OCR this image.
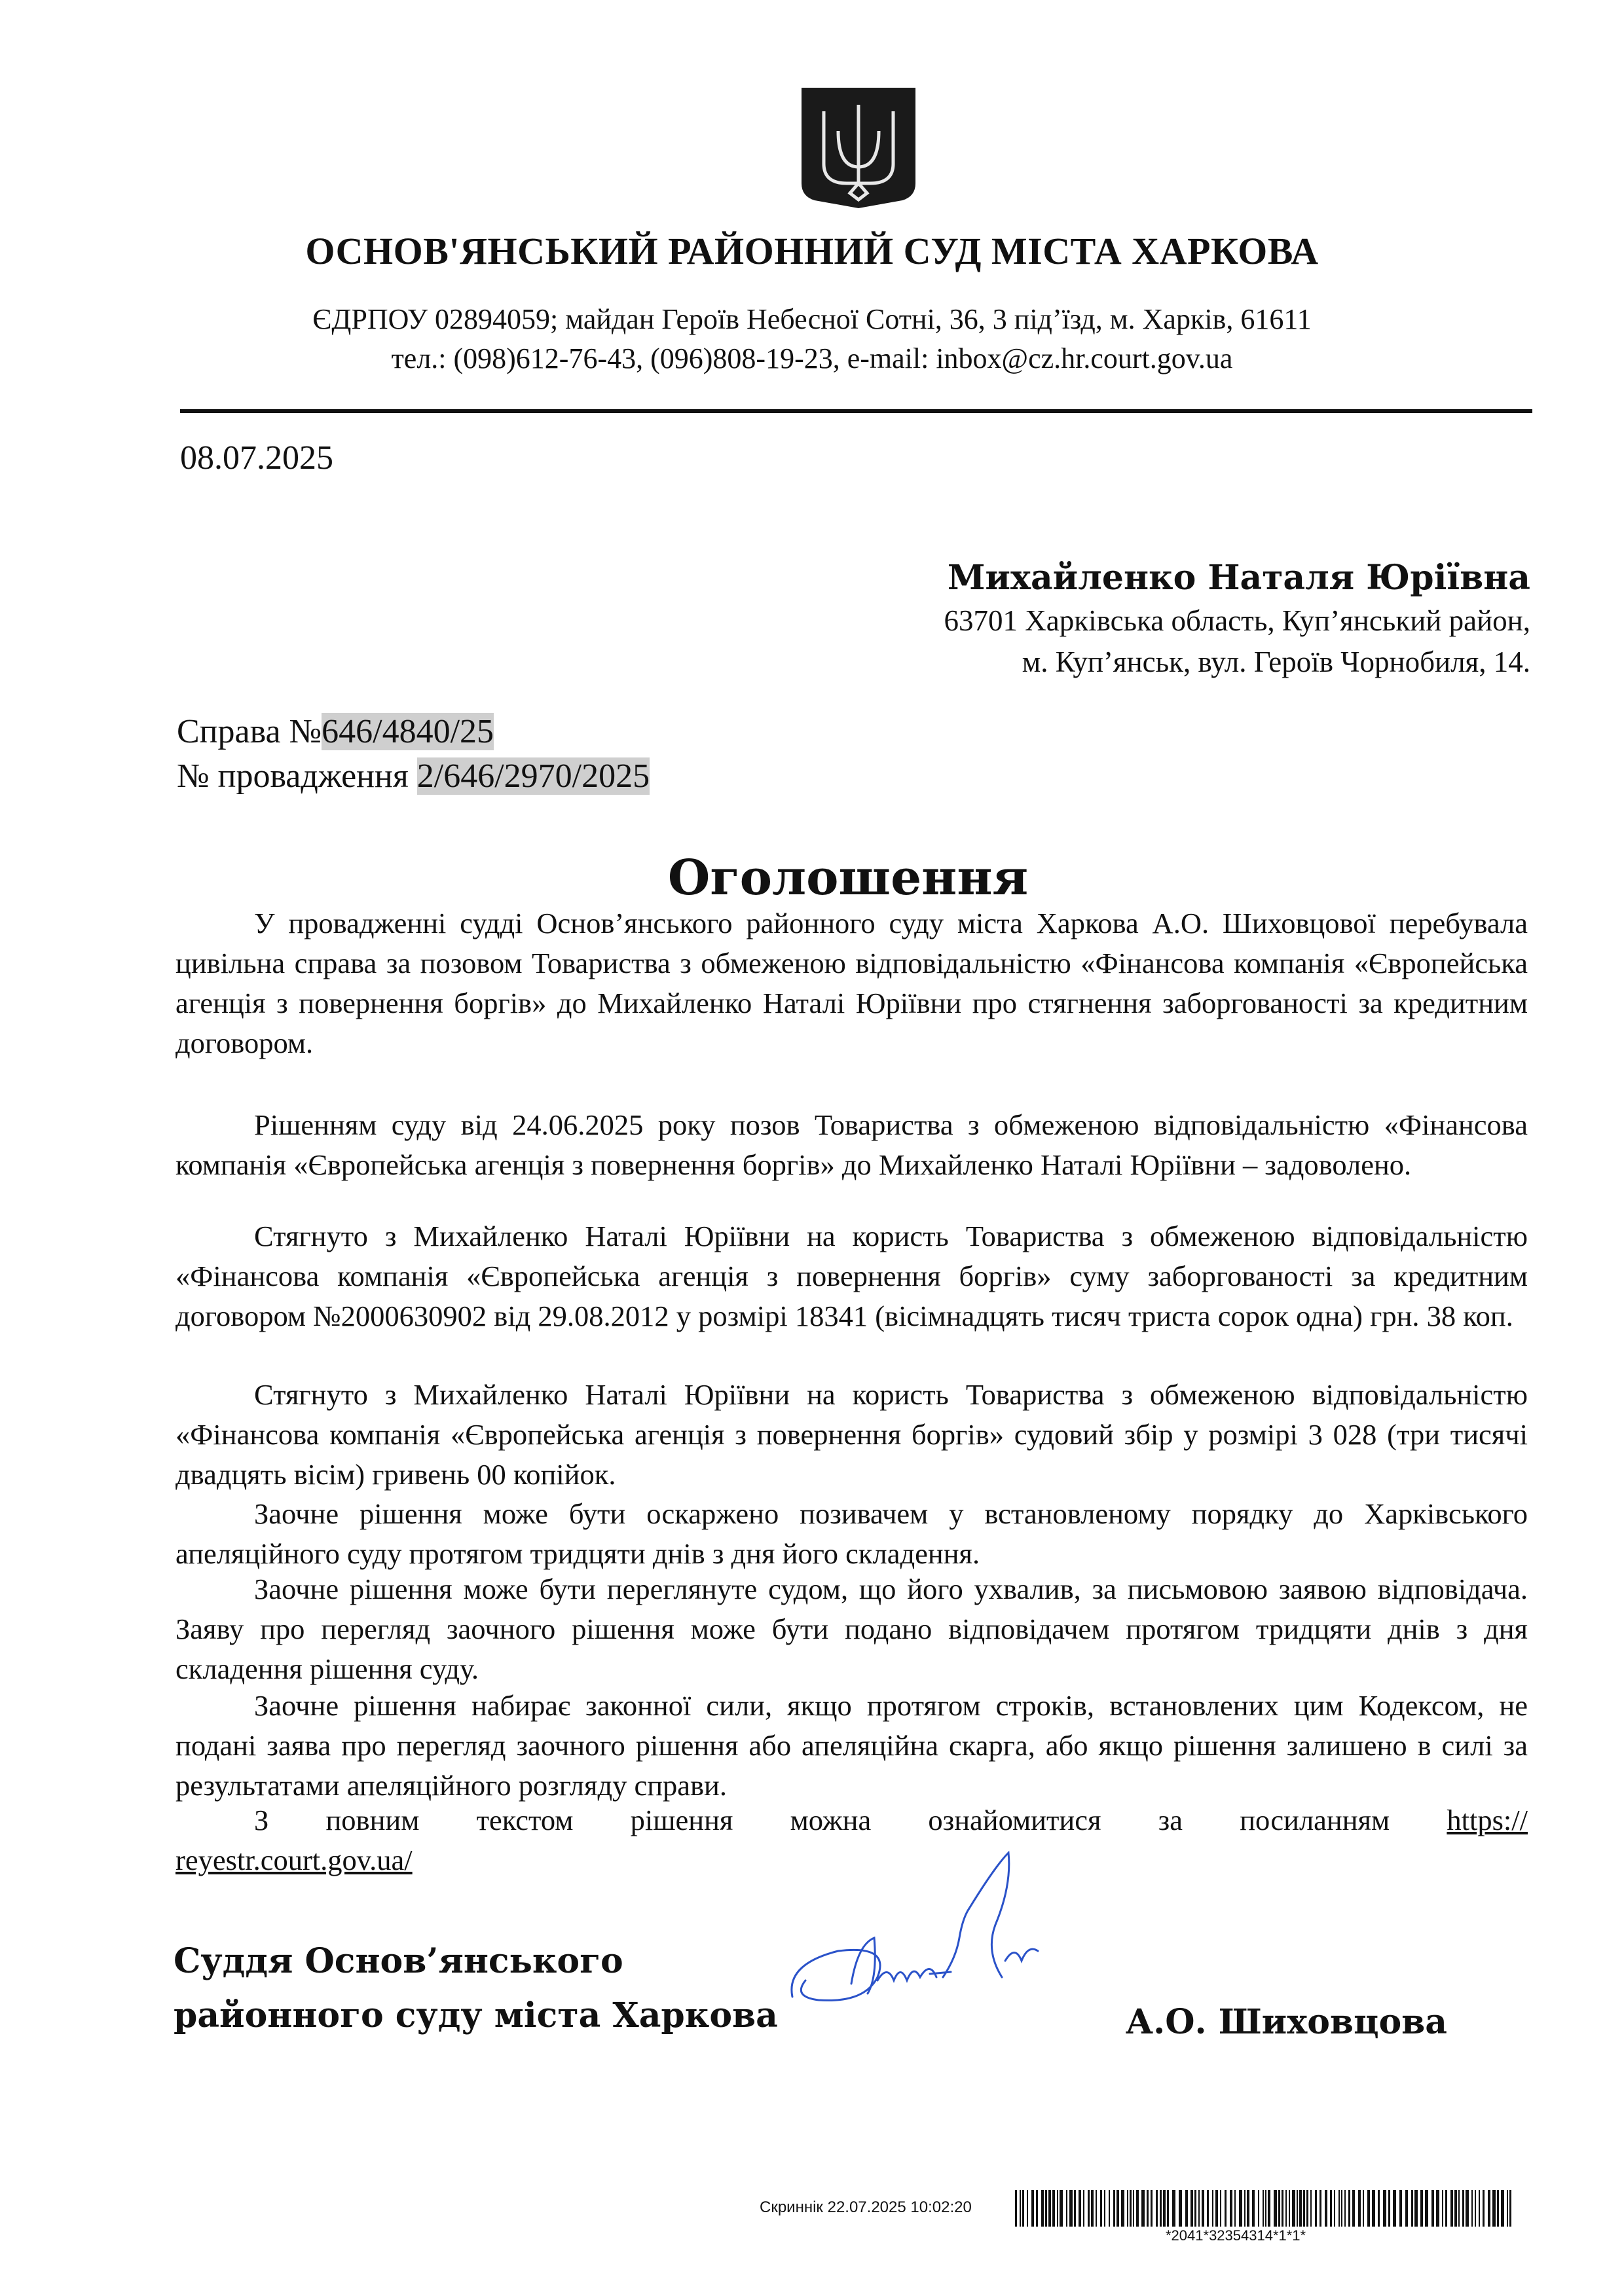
ОСНОВ'ЯНСЬКИЙ РАЙОННИЙ СУД МІСТА ХАРКОВА
ЄДРПОУ 02894059; майдан Героїв Небесної Сотні, 36, 3 під’їзд, м. Харків, 61611
тел.: (098)612-76-43, (096)808-19-23, e-mail: inbox@cz.hr.court.gov.ua
08.07.2025
Михайленко Наталя Юріївна
63701 Харківська область, Куп’янський район,
м. Куп’янськ, вул. Героїв Чорнобиля, 14.
Справа №646/4840/25
№ провадження 2/646/2970/2025
Оголошення
У провадженні судді Основ’янського районного суду міста Харкова А.О. Шиховцової перебувала цивільна справа за позовом Товариства з обмеженою відповідальністю «Фінансова компанія «Європейська агенція з повернення боргів» до Михайленко Наталі Юріївни про стягнення заборгованості за кредитним договором.
Рішенням суду від 24.06.2025 року позов Товариства з обмеженою відповідальністю «Фінансова компанія «Європейська агенція з повернення боргів» до Михайленко Наталі Юріївни – задоволено.
Стягнуто з Михайленко Наталі Юріївни на користь Товариства з обмеженою відповідальністю «Фінансова компанія «Європейська агенція з повернення боргів» суму заборгованості за кредитним договором №2000630902 від 29.08.2012 у розмірі 18341 (вісімнадцять тисяч триста сорок одна) грн. 38 коп.
Стягнуто з Михайленко Наталі Юріївни на користь Товариства з обмеженою відповідальністю «Фінансова компанія «Європейська агенція з повернення боргів» судовий збір у розмірі 3 028 (три тисячі двадцять вісім) гривень 00 копійок.
Заочне рішення може бути оскаржено позивачем у встановленому порядку до Харківського апеляційного суду протягом тридцяти днів з дня його складення.
Заочне рішення може бути переглянуте судом, що його ухвалив, за письмовою заявою відповідача. Заяву про перегляд заочного рішення може бути подано відповідачем протягом тридцяти днів з дня складення рішення суду.
Заочне рішення набирає законної сили, якщо протягом строків, встановлених цим Кодексом, не подані заява про перегляд заочного рішення або апеляційна скарга, або якщо рішення залишено в силі за результатами апеляційного розгляду справи.
З повним текстом рішення можна ознайомитися за посиланням https://
reyestr.court.gov.ua/
Суддя Основ’янського
районного суду міста Харкова	А.О. Шиховцова
Скриннік 22.07.2025 10:02:20
*2041*32354314*1*1*
